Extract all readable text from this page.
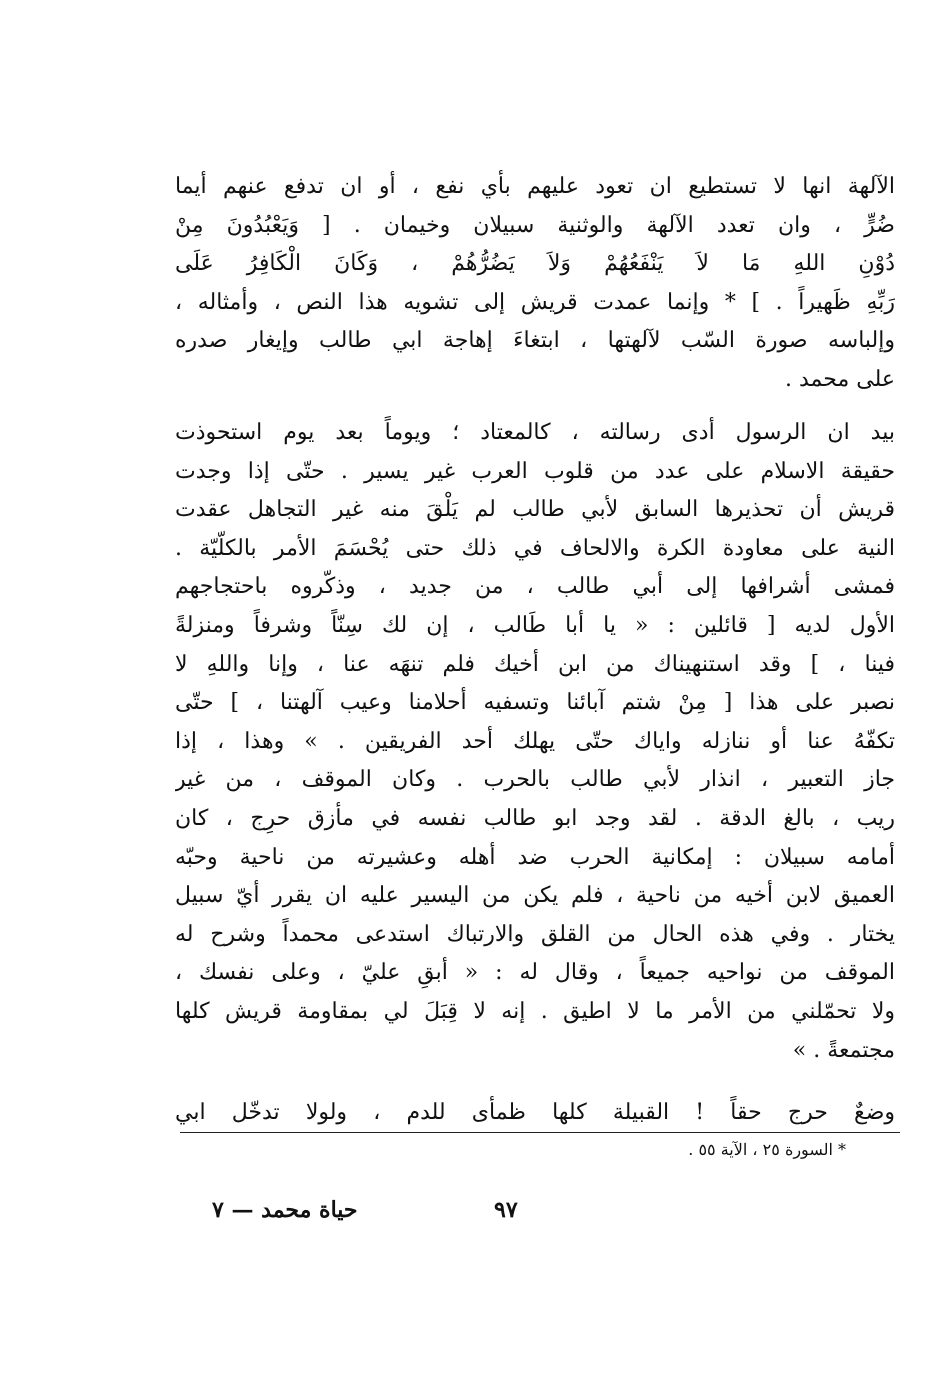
الآلهة انها لا تستطيع ان تعود عليهم بأي نفع ، أو ان تدفع عنهم أيما
ضُرٍّ ، وان تعدد الآلهة والوثنية سبيلان وخيمان . [ وَيَعْبُدُونَ مِنْ
دُوْنِ اللهِ مَا لاَ يَنْفَعُهُمْ وَلاَ يَضُرُّهُمْ ، وَكَانَ الْكَافِرُ عَلَى
رَبِّهِ ظَهيراً . ] * وإنما عمدت قريش إلى تشويه هذا النص ، وأمثاله ،
وإلباسه صورة السّب لآلهتها ، ابتغاءَ إهاجة ابي طالب وإيغار صدره
على محمد .
بيد ان الرسول أدى رسالته ، كالمعتاد ؛ ويوماً بعد يوم استحوذت
حقيقة الاسلام على عدد من قلوب العرب غير يسير . حتّى إذا وجدت
قريش أن تحذيرها السابق لأبي طالب لم يَلْقَ منه غير التجاهل عقدت
النية على معاودة الكرة والالحاف في ذلك حتى يُحْسَمَ الأمر بالكلّيّة .
فمشى أشرافها إلى أبي طالب ، من جديد ، وذكّروه باحتجاجهم
الأول لديه [ قائلين : « يا أبا طَالب ، إن لك سِنّاً وشرفاً ومنزلةً
فينا ، ] وقد استنهيناك من ابن أخيك فلم تنهَه عنا ، وإنا واللهِ لا
نصبر على هذا [ مِنْ شتم آبائنا وتسفيه أحلامنا وعيب آلهتنا ، ] حتّى
تكفّهُ عنا أو ننازله واياك حتّى يهلك أحد الفريقين . » وهذا ، إذا
جاز التعبير ، انذار لأبي طالب بالحرب . وكان الموقف ، من غير
ريب ، بالغ الدقة . لقد وجد ابو طالب نفسه في مأزق حرِج ، كان
أمامه سبيلان : إمكانية الحرب ضد أهله وعشيرته من ناحية وحبّه
العميق لابن أخيه من ناحية ، فلم يكن من اليسير عليه ان يقرر أيّ سبيل
يختار . وفي هذه الحال من القلق والارتباك استدعى محمداً وشرح له
الموقف من نواحيه جميعاً ، وقال له : « أبقِ عليّ ، وعلى نفسك ،
ولا تحمّلني من الأمر ما لا اطيق . إنه لا قِبَلَ لي بمقاومة قريش كلها
مجتمعةً . »
وضعٌ حرج حقاً ! القبيلة كلها ظمأى للدم ، ولولا تدخّل ابي
* السورة ٢٥ ، الآية ٥٥ .
٩٧
حياة محمد — ٧
